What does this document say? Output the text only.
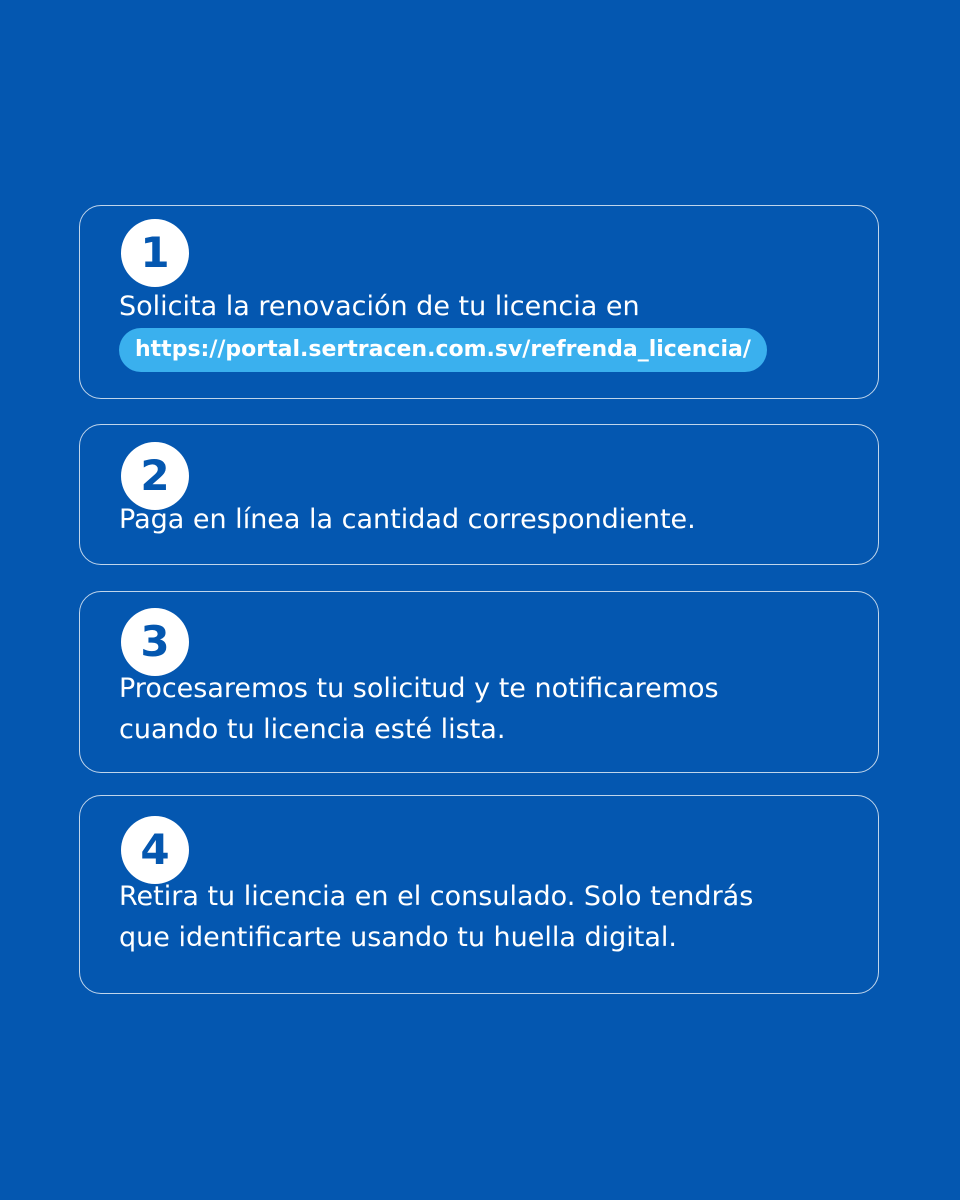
1

Solicita la renovación de tu licencia en

https://portal.sertracen.com.sv/refrenda_licencia/
2

Paga en línea la cantidad correspondiente.

3

Procesaremos tu solicitud y te notificaremos
cuando tu licencia esté lista.

4

Retira tu licencia en el consulado. Solo tendrás
que identificarte usando tu huella digital.
